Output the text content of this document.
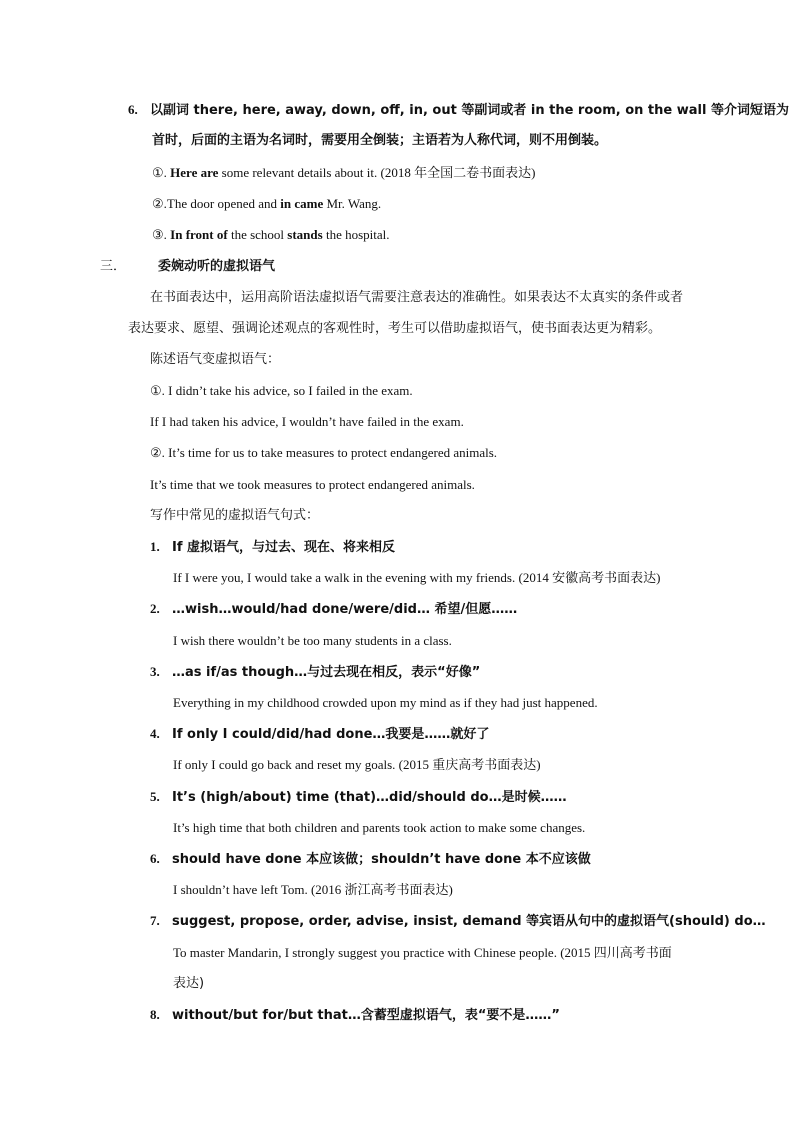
6. 以副词 there, here, away, down, off, in, out 等副词或者 in the room, on the wall 等介词短语为
首时，后面的主语为名词时，需要用全倒装；主语若为人称代词，则不用倒装。
①. Here are some relevant details about it. (2018 年全国二卷书面表达)
②.The door opened and in came Mr. Wang.
③. In front of the school stands the hospital.
三． 委婉动听的虚拟语气
在书面表达中，运用高阶语法虚拟语气需要注意表达的准确性。如果表达不太真实的条件或者
表达要求、愿望、强调论述观点的客观性时，考生可以借助虚拟语气，使书面表达更为精彩。
陈述语气变虚拟语气：
①. I didn’t take his advice, so I failed in the exam.
If I had taken his advice, I wouldn’t have failed in the exam.
②. It’s time for us to take measures to protect endangered animals.
It’s time that we took measures to protect endangered animals.
写作中常见的虚拟语气句式：
1. If 虚拟语气，与过去、现在、将来相反
If I were you, I would take a walk in the evening with my friends. (2014 安徽高考书面表达)
2. …wish…would/had done/were/did… 希望/但愿……
I wish there wouldn’t be too many students in a class.
3. …as if/as though…与过去现在相反，表示“好像”
Everything in my childhood crowded upon my mind as if they had just happened.
4. If only I could/did/had done…我要是……就好了
If only I could go back and reset my goals. (2015 重庆高考书面表达)
5. It’s (high/about) time (that)…did/should do…是时候……
It’s high time that both children and parents took action to make some changes.
6. should have done 本应该做；shouldn’t have done 本不应该做
I shouldn’t have left Tom. (2016 浙江高考书面表达)
7. suggest, propose, order, advise, insist, demand 等宾语从句中的虚拟语气(should) do…
To master Mandarin, I strongly suggest you practice with Chinese people. (2015 四川高考书面
表达)
8. without/but for/but that…含蓄型虚拟语气，表“要不是……”
